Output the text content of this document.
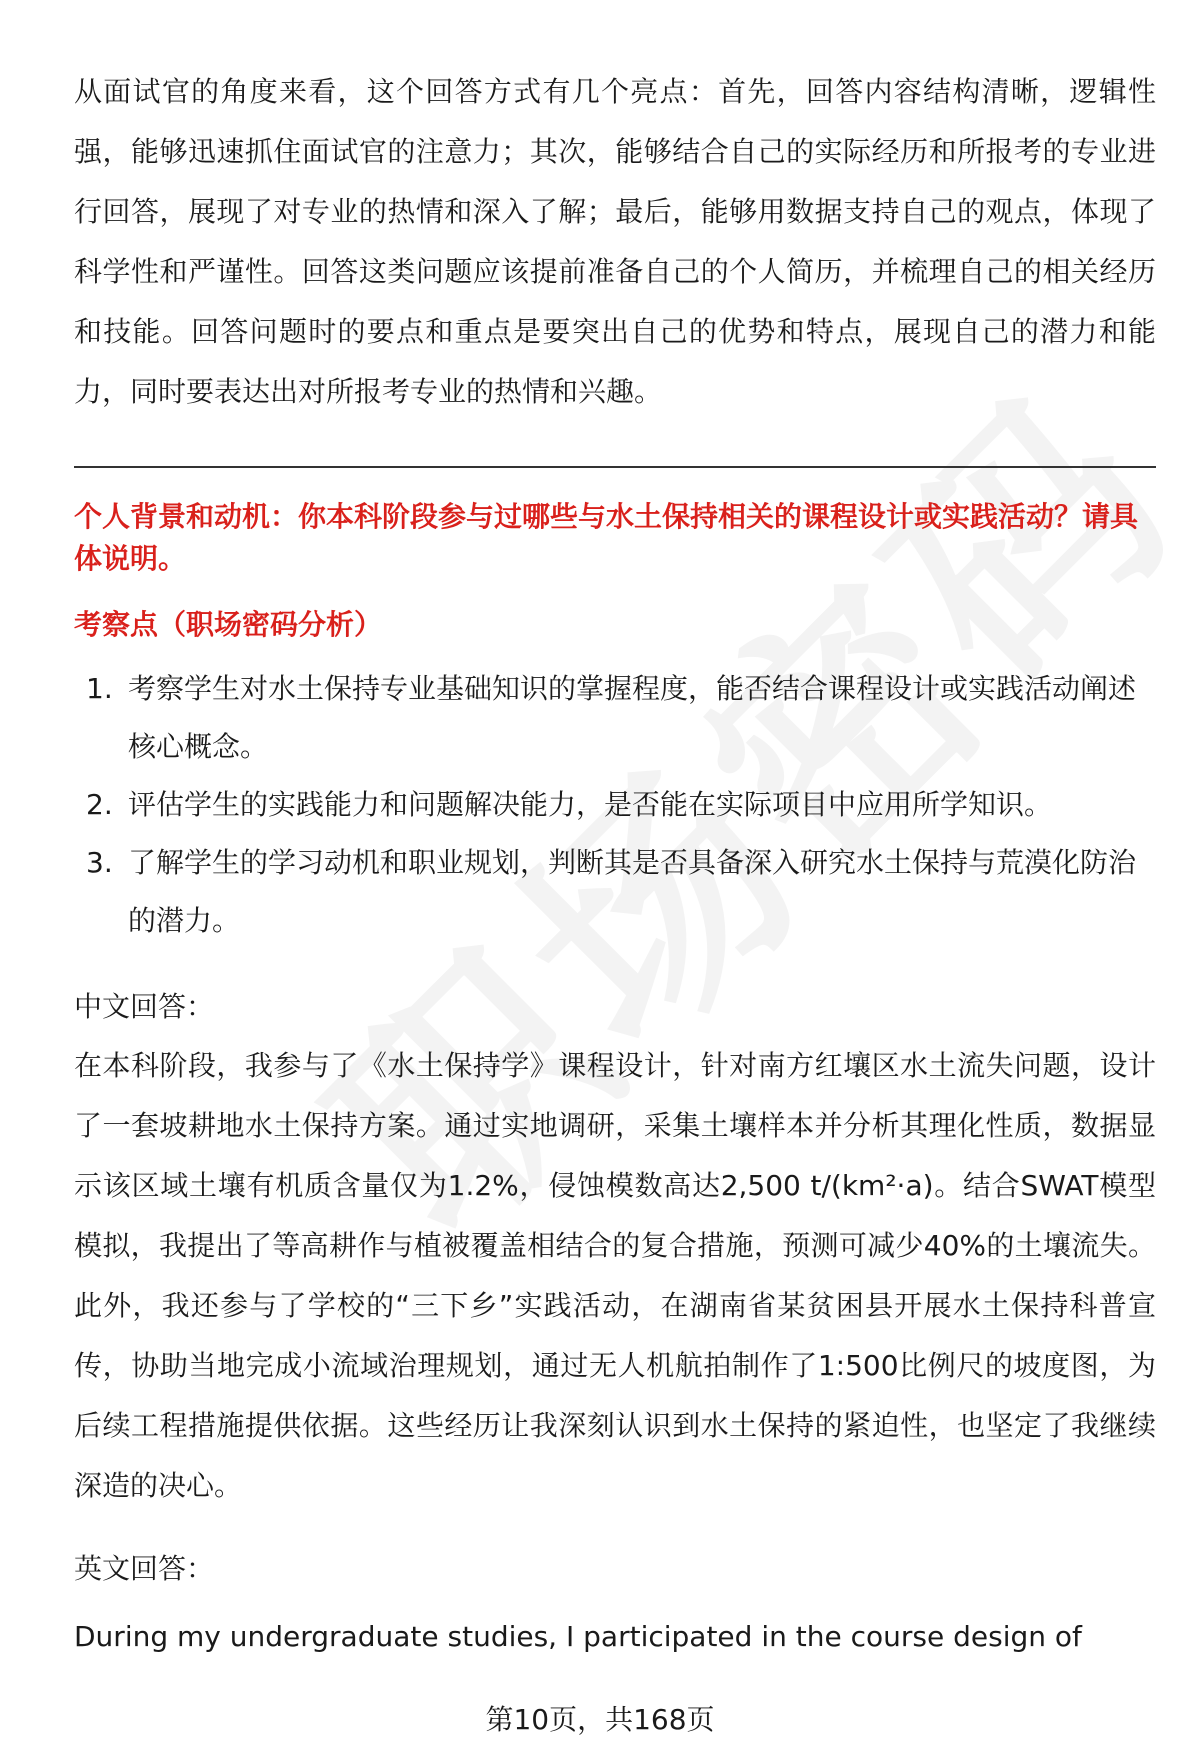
从面试官的角度来看，这个回答方式有几个亮点：首先，回答内容结构清晰，逻辑性强，能够迅速抓住面试官的注意力；其次，能够结合自己的实际经历和所报考的专业进行回答，展现了对专业的热情和深入了解；最后，能够用数据支持自己的观点，体现了科学性和严谨性。回答这类问题应该提前准备自己的个人简历，并梳理自己的相关经历和技能。回答问题时的要点和重点是要突出自己的优势和特点，展现自己的潜力和能力，同时要表达出对所报考专业的热情和兴趣。

个人背景和动机：你本科阶段参与过哪些与水土保持相关的课程设计或实践活动？请具体说明。

考察点（职场密码分析）

1. 考察学生对水土保持专业基础知识的掌握程度，能否结合课程设计或实践活动阐述核心概念。
2. 评估学生的实践能力和问题解决能力，是否能在实际项目中应用所学知识。
3. 了解学生的学习动机和职业规划，判断其是否具备深入研究水土保持与荒漠化防治的潜力。

中文回答：

在本科阶段，我参与了《水土保持学》课程设计，针对南方红壤区水土流失问题，设计了一套坡耕地水土保持方案。通过实地调研，采集土壤样本并分析其理化性质，数据显示该区域土壤有机质含量仅为1.2%，侵蚀模数高达2,500 t/(km²·a)。结合SWAT模型模拟，我提出了等高耕作与植被覆盖相结合的复合措施，预测可减少40%的土壤流失。此外，我还参与了学校的“三下乡”实践活动，在湖南省某贫困县开展水土保持科普宣传，协助当地完成小流域治理规划，通过无人机航拍制作了1:500比例尺的坡度图，为后续工程措施提供依据。这些经历让我深刻认识到水土保持的紧迫性，也坚定了我继续深造的决心。

英文回答：

During my undergraduate studies, I participated in the course design of

第10页，共168页
